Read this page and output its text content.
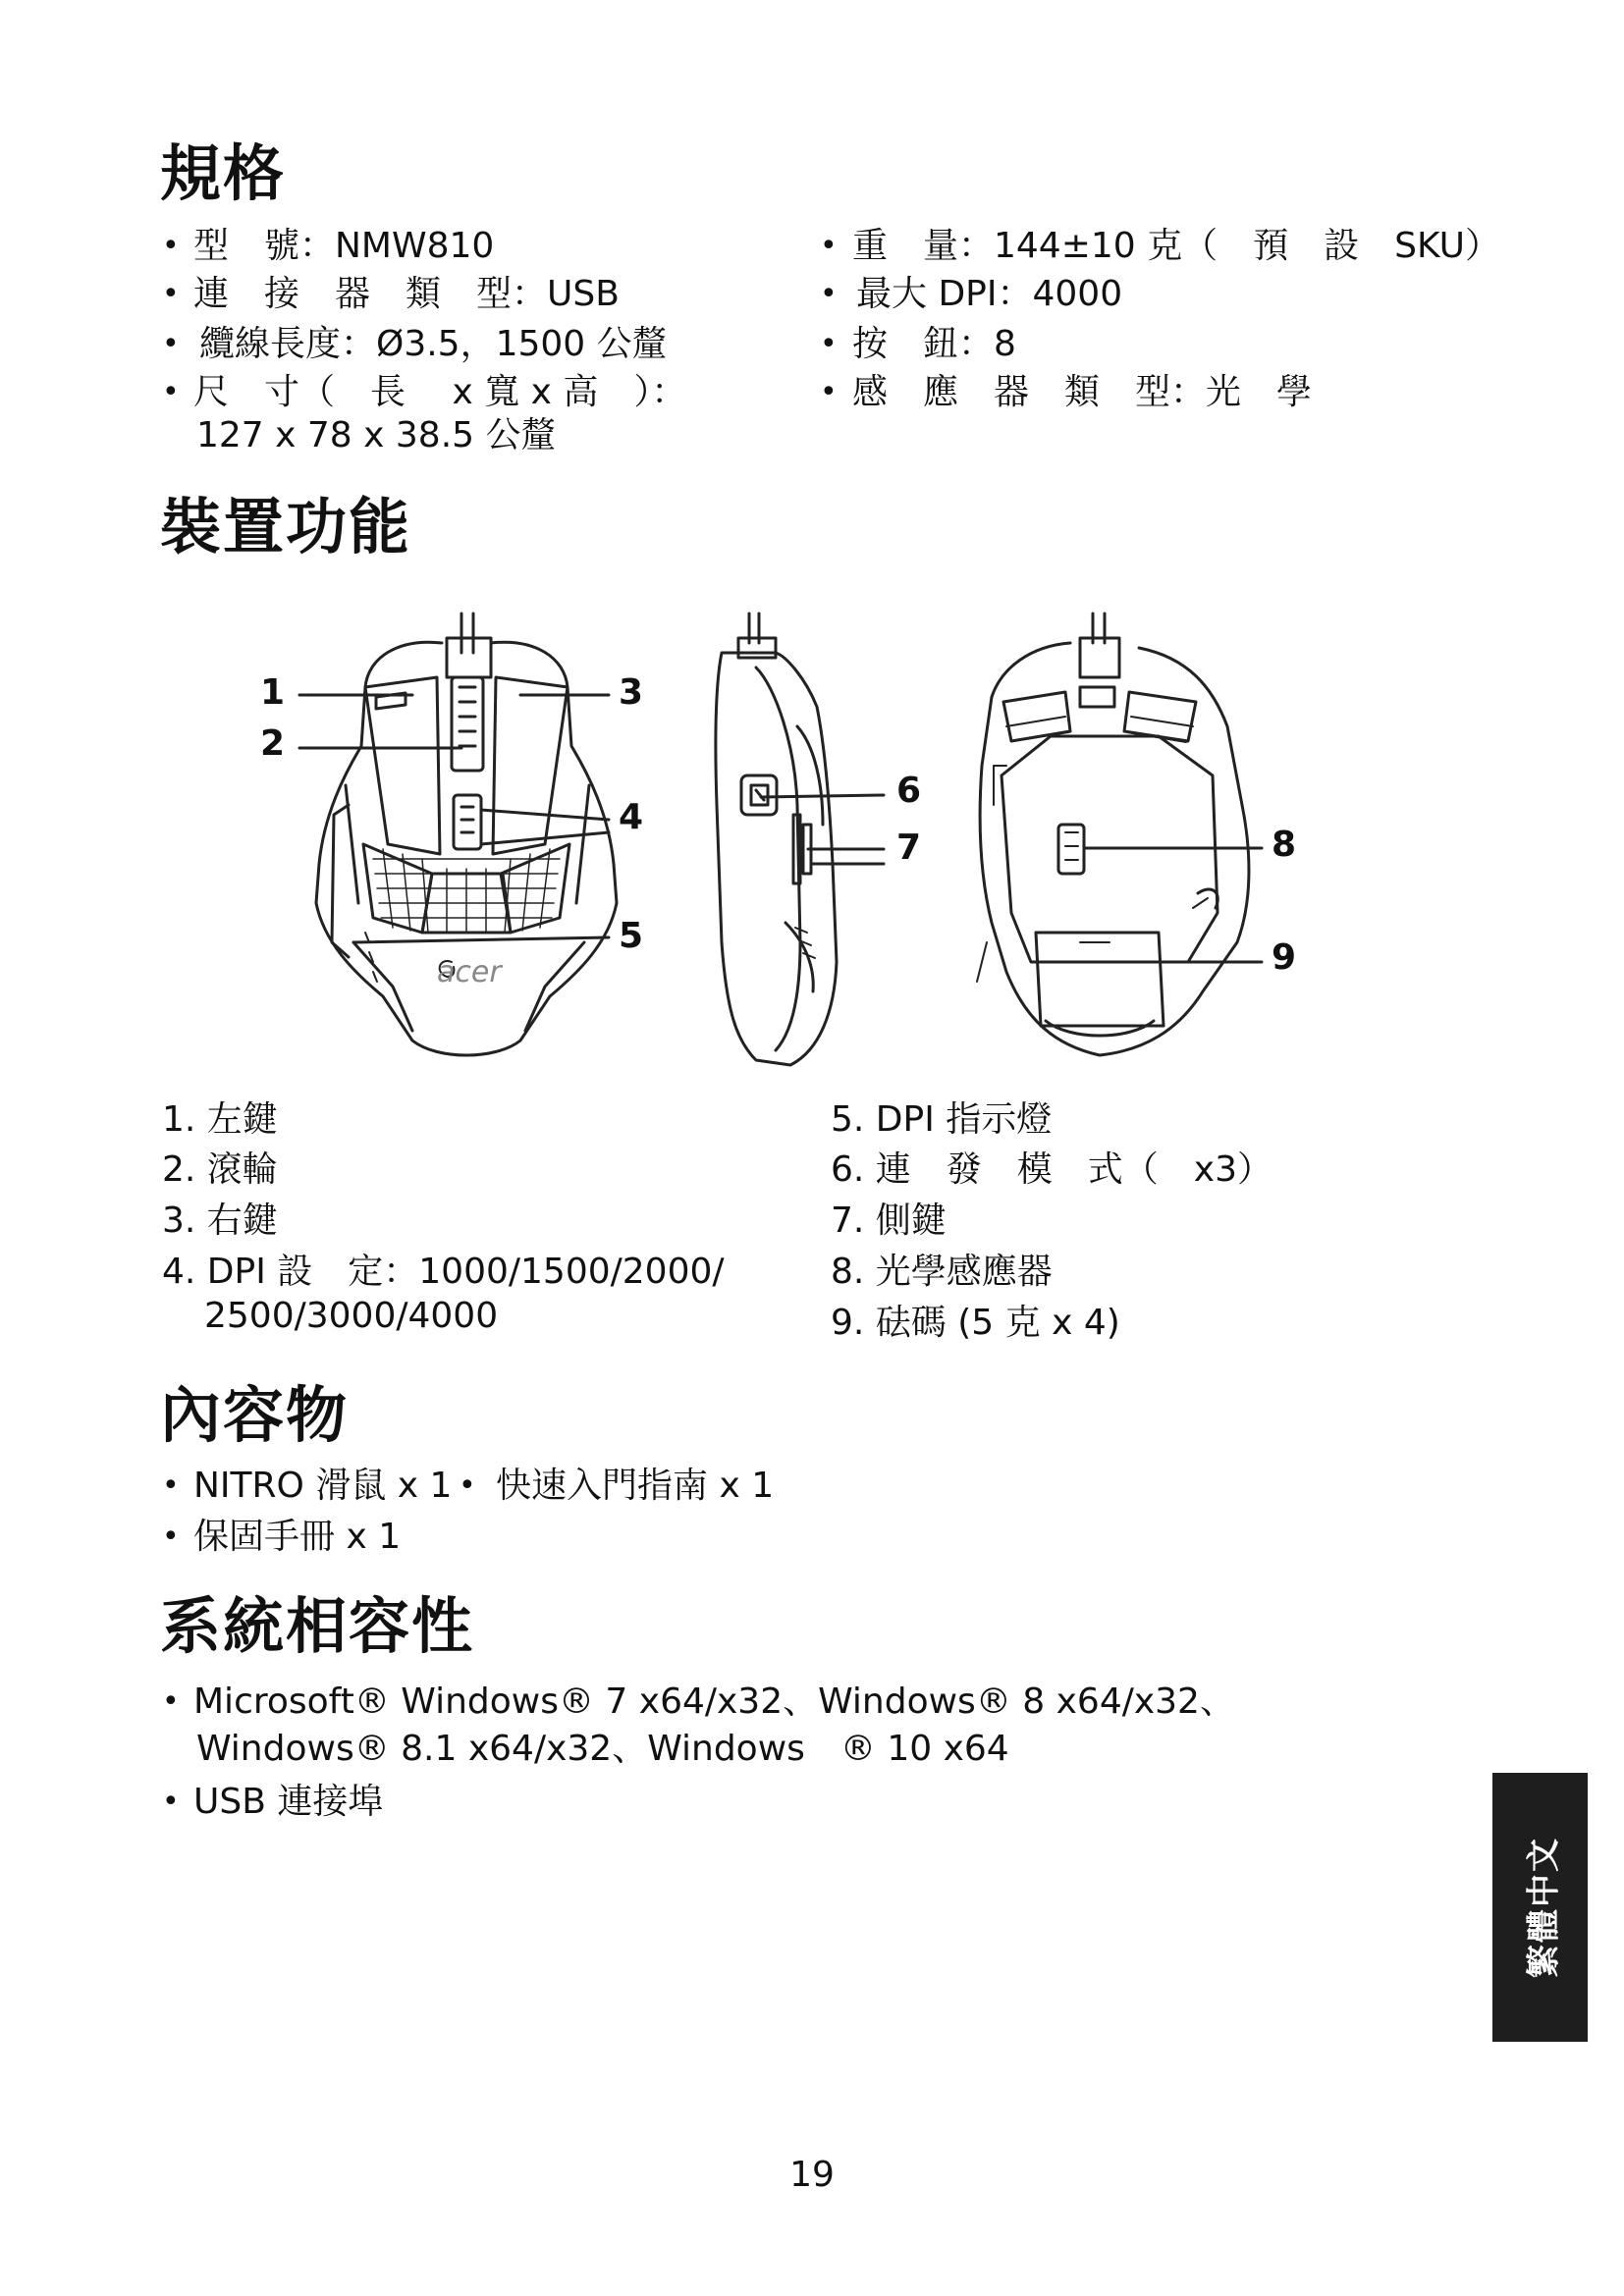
規格
• 型　號：NMW810
• 連　接　器　類　型：USB
• 纜線長度：Ø3.5，1500 公釐
• 尺　寸（　長　 x 寬 x 高　）：
127 x 78 x 38.5 公釐
• 重　量：144±10 克（　預　設　SKU）
• 最大 DPI：4000
• 按　鈕：8
• 感　應　器　類　型：光　學
裝置功能
acer
1
2
3
4
5
6
7	8
9
1. 左鍵
2. 滾輪
3. 右鍵
4. DPI 設　定：1000/1500/2000/
2500/3000/4000
5. DPI 指示燈
6. 連　發　模　式（　x3）
7. 側鍵
8. 光學感應器
9. 砝碼 (5 克 x 4)
內容物
• NITRO 滑鼠 x 1 • 快速入門指南 x 1
• 保固手冊 x 1
系統相容性
• Microsoft® Windows® 7 x64/x32、Windows® 8 x64/x32、
Windows® 8.1 x64/x32、Windows　® 10 x64
• USB 連接埠
繁體中文
19
